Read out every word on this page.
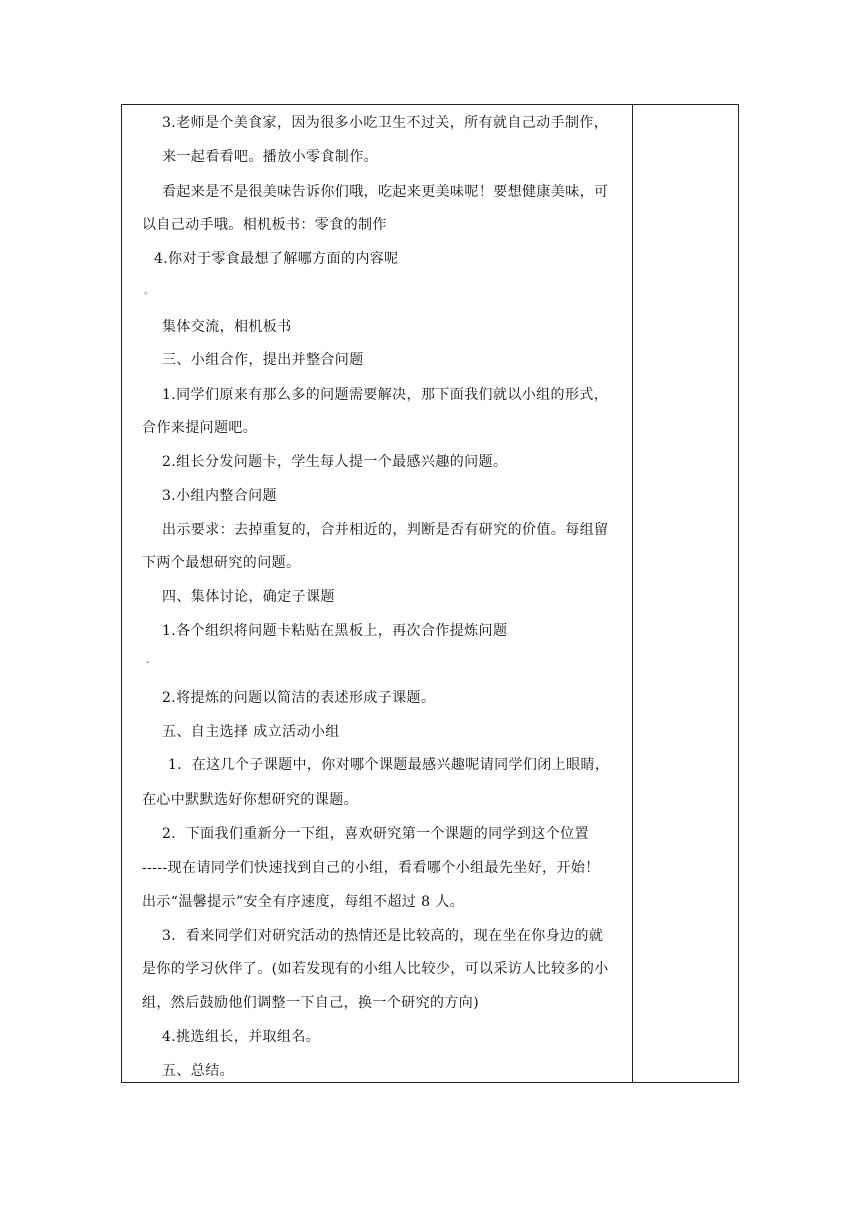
3.老师是个美食家，因为很多小吃卫生不过关，所有就自己动手制作，
来一起看看吧。播放小零食制作。
看起来是不是很美味告诉你们哦，吃起来更美味呢！要想健康美味，可
以自己动手哦。相机板书：零食的制作
4.你对于零食最想了解哪方面的内容呢
。
集体交流，相机板书
三、小组合作，提出并整合问题
1.同学们原来有那么多的问题需要解决，那下面我们就以小组的形式，
合作来提问题吧。
2.组长分发问题卡，学生每人提一个最感兴趣的问题。
3.小组内整合问题
出示要求：去掉重复的，合并相近的，判断是否有研究的价值。每组留
下两个最想研究的问题。
四、集体讨论，确定子课题
1.各个组织将问题卡粘贴在黑板上，再次合作提炼问题
-
2.将提炼的问题以简洁的表述形成子课题。
五、自主选择 成立活动小组
1．在这几个子课题中，你对哪个课题最感兴趣呢请同学们闭上眼睛，
在心中默默选好你想研究的课题。
2．下面我们重新分一下组，喜欢研究第一个课题的同学到这个位置
-----现在请同学们快速找到自己的小组，看看哪个小组最先坐好，开始！
出示“温馨提示”安全有序速度，每组不超过 8 人。
3．看来同学们对研究活动的热情还是比较高的，现在坐在你身边的就
是你的学习伙伴了。(如若发现有的小组人比较少，可以采访人比较多的小
组，然后鼓励他们调整一下自己，换一个研究的方向)
4.挑选组长，并取组名。
五、总结。
